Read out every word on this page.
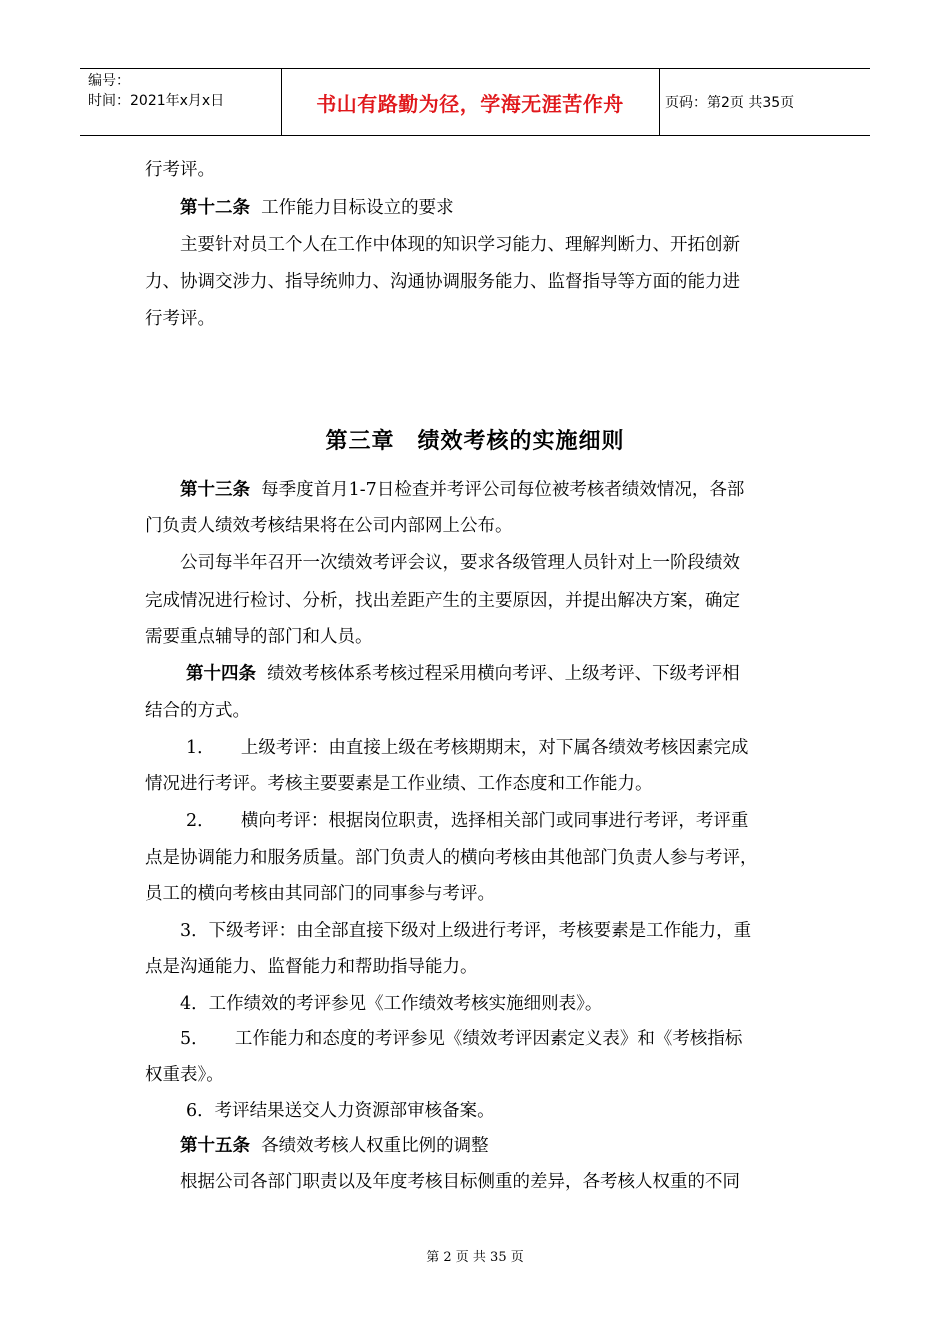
编号：
时间：2021年x月x日	书山有路勤为径，学海无涯苦作舟	页码：第2页 共35页
行考评。
第十二条 工作能力目标设立的要求
主要针对员工个人在工作中体现的知识学习能力、理解判断力、开拓创新
力、协调交涉力、指导统帅力、沟通协调服务能力、监督指导等方面的能力进
行考评。
第三章　绩效考核的实施细则
第十三条 每季度首月1-7日检查并考评公司每位被考核者绩效情况，各部
门负责人绩效考核结果将在公司内部网上公布。
公司每半年召开一次绩效考评会议，要求各级管理人员针对上一阶段绩效
完成情况进行检讨、分析，找出差距产生的主要原因，并提出解决方案，确定
需要重点辅导的部门和人员。
第十四条 绩效考核体系考核过程采用横向考评、上级考评、下级考评相
结合的方式。
1．　　上级考评：由直接上级在考核期期末，对下属各绩效考核因素完成
情况进行考评。考核主要要素是工作业绩、工作态度和工作能力。
2．　　横向考评：根据岗位职责，选择相关部门或同事进行考评，考评重
点是协调能力和服务质量。部门负责人的横向考核由其他部门负责人参与考评，
员工的横向考核由其同部门的同事参与考评。
3．下级考评：由全部直接下级对上级进行考评，考核要素是工作能力，重
点是沟通能力、监督能力和帮助指导能力。
4．工作绩效的考评参见《工作绩效考核实施细则表》。
5．　　工作能力和态度的考评参见《绩效考评因素定义表》和《考核指标
权重表》。
6．考评结果送交人力资源部审核备案。
第十五条 各绩效考核人权重比例的调整
根据公司各部门职责以及年度考核目标侧重的差异，各考核人权重的不同
第 2 页 共 35 页
